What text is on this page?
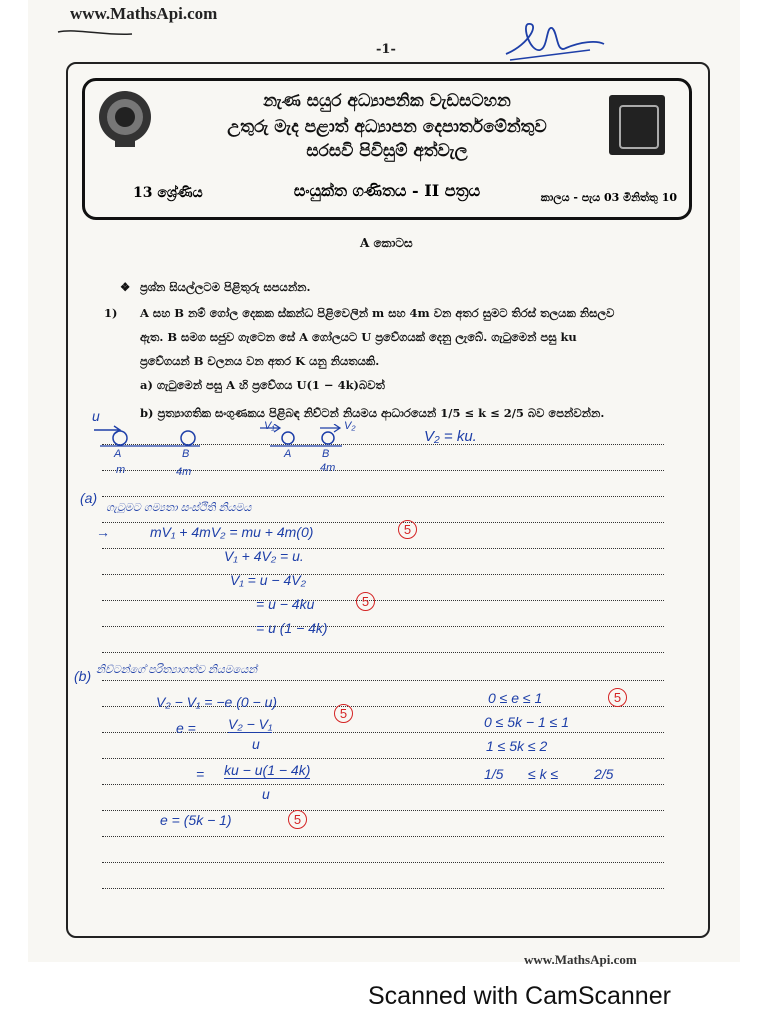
www.MathsApi.com
-1-
නැණ සයුර අධ්‍යාපනික වැඩසටහන
උතුරු මැද පළාත් අධ්‍යාපන දෙපාර්තමේන්තුව
සරසවි පිවිසුම් අත්වැල
13 ශ්‍රේණිය	සංයුක්ත ගණිතය - II පත්‍රය	කාලය - පැය 03 මිනිත්තු 10
A කොටස
❖ ප්‍රශ්න සියල්ලටම පිළිතුරු සපයන්න.
1) A සහ B නම් ගෝල දෙකක ස්කන්ධ පිළිවෙලින් m සහ 4m වන අතර සුමට තිරස් තලයක නිසලව
ඇත. B සමග සජුව ගැටෙන සේ A ගෝලයට U ප්‍රවේගයක් දෙනු ලැබේ. ගැටුමෙන් පසු ku
ප්‍රවේගයන් B චලනය වන අතර K යනු නියතයකි.
a) ගැටුමෙන් පසු A හි ප්‍රවේගය U(1 − 4k)බවත්
b) ප්‍රත්‍යාගතික සංගුණකය පිළිබඳ නිව්ටන් නියමය ආධාරයෙන් 1/5 ≤ k ≤ 2/5 බව පෙන්වන්න.
u
V₁	V₂
A	B	A	B
m	4m	4m
V₂ = ku.
(a)
ගැටුමට ගම්‍යතා සංස්ථිති නියමය
→	mV₁ + 4mV₂ = mu + 4m(0)	5
V₁ + 4V₂ = u.
V₁ = u − 4V₂
= u − 4ku	5
= u (1 − 4k)
(b) නිව්ටන්ගේ පරිත්‍යාගත්ව නියමයෙන්
V₂ − V₁ = −e (0 − u)
5
e = V₂ − V₁
u
= ku − u(1 − 4k)
u
e = (5k − 1)	5
0 ≤ e ≤ 1	5
0 ≤ 5k − 1 ≤ 1
1 ≤ 5k ≤ 2
1/5 ≤ k ≤	2/5
www.MathsApi.com
Scanned with CamScanner
